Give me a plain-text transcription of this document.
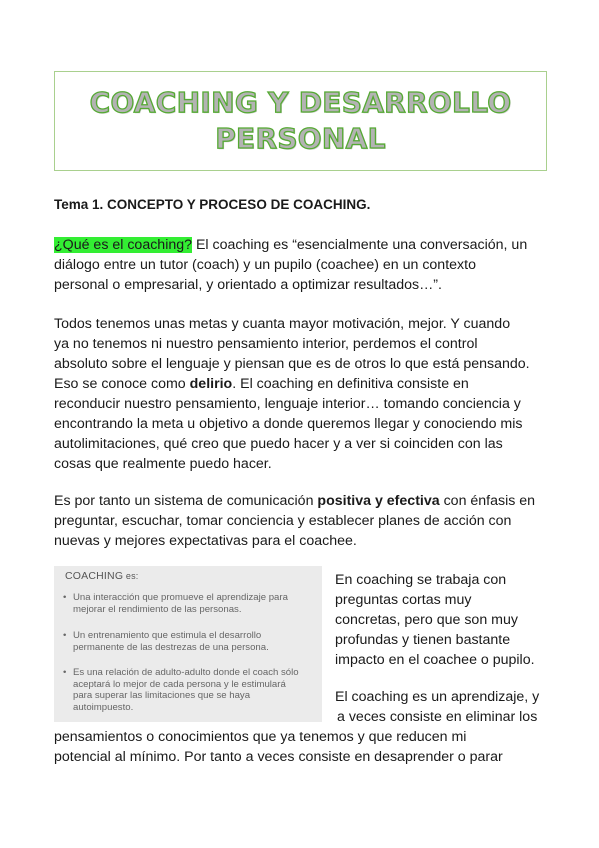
COACHING Y DESARROLLO
PERSONAL
Tema 1. CONCEPTO Y PROCESO DE COACHING.
¿Qué es el coaching? El coaching es “esencialmente una conversación, un
diálogo entre un tutor (coach) y un pupilo (coachee) en un contexto
personal o empresarial, y orientado a optimizar resultados…”.
Todos tenemos unas metas y cuanta mayor motivación, mejor. Y cuando
ya no tenemos ni nuestro pensamiento interior, perdemos el control
absoluto sobre el lenguaje y piensan que es de otros lo que está pensando.
Eso se conoce como delirio. El coaching en definitiva consiste en
reconducir nuestro pensamiento, lenguaje interior… tomando conciencia y
encontrando la meta u objetivo a donde queremos llegar y conociendo mis
autolimitaciones, qué creo que puedo hacer y a ver si coinciden con las
cosas que realmente puedo hacer.
Es por tanto un sistema de comunicación positiva y efectiva con énfasis en
preguntar, escuchar, tomar conciencia y establecer planes de acción con
nuevas y mejores expectativas para el coachee.
COACHING es:
• Una interacción que promueve el aprendizaje para
mejorar el rendimiento de las personas.
• Un entrenamiento que estimula el desarrollo
permanente de las destrezas de una persona.
• Es una relación de adulto-adulto donde el coach sólo
aceptará lo mejor de cada persona y le estimulará
para superar las limitaciones que se haya
autoimpuesto.
En coaching se trabaja con
preguntas cortas muy
concretas, pero que son muy
profundas y tienen bastante
impacto en el coachee o pupilo.
El coaching es un aprendizaje, y
a veces consiste en eliminar los
pensamientos o conocimientos que ya tenemos y que reducen mi
potencial al mínimo. Por tanto a veces consiste en desaprender o parar
